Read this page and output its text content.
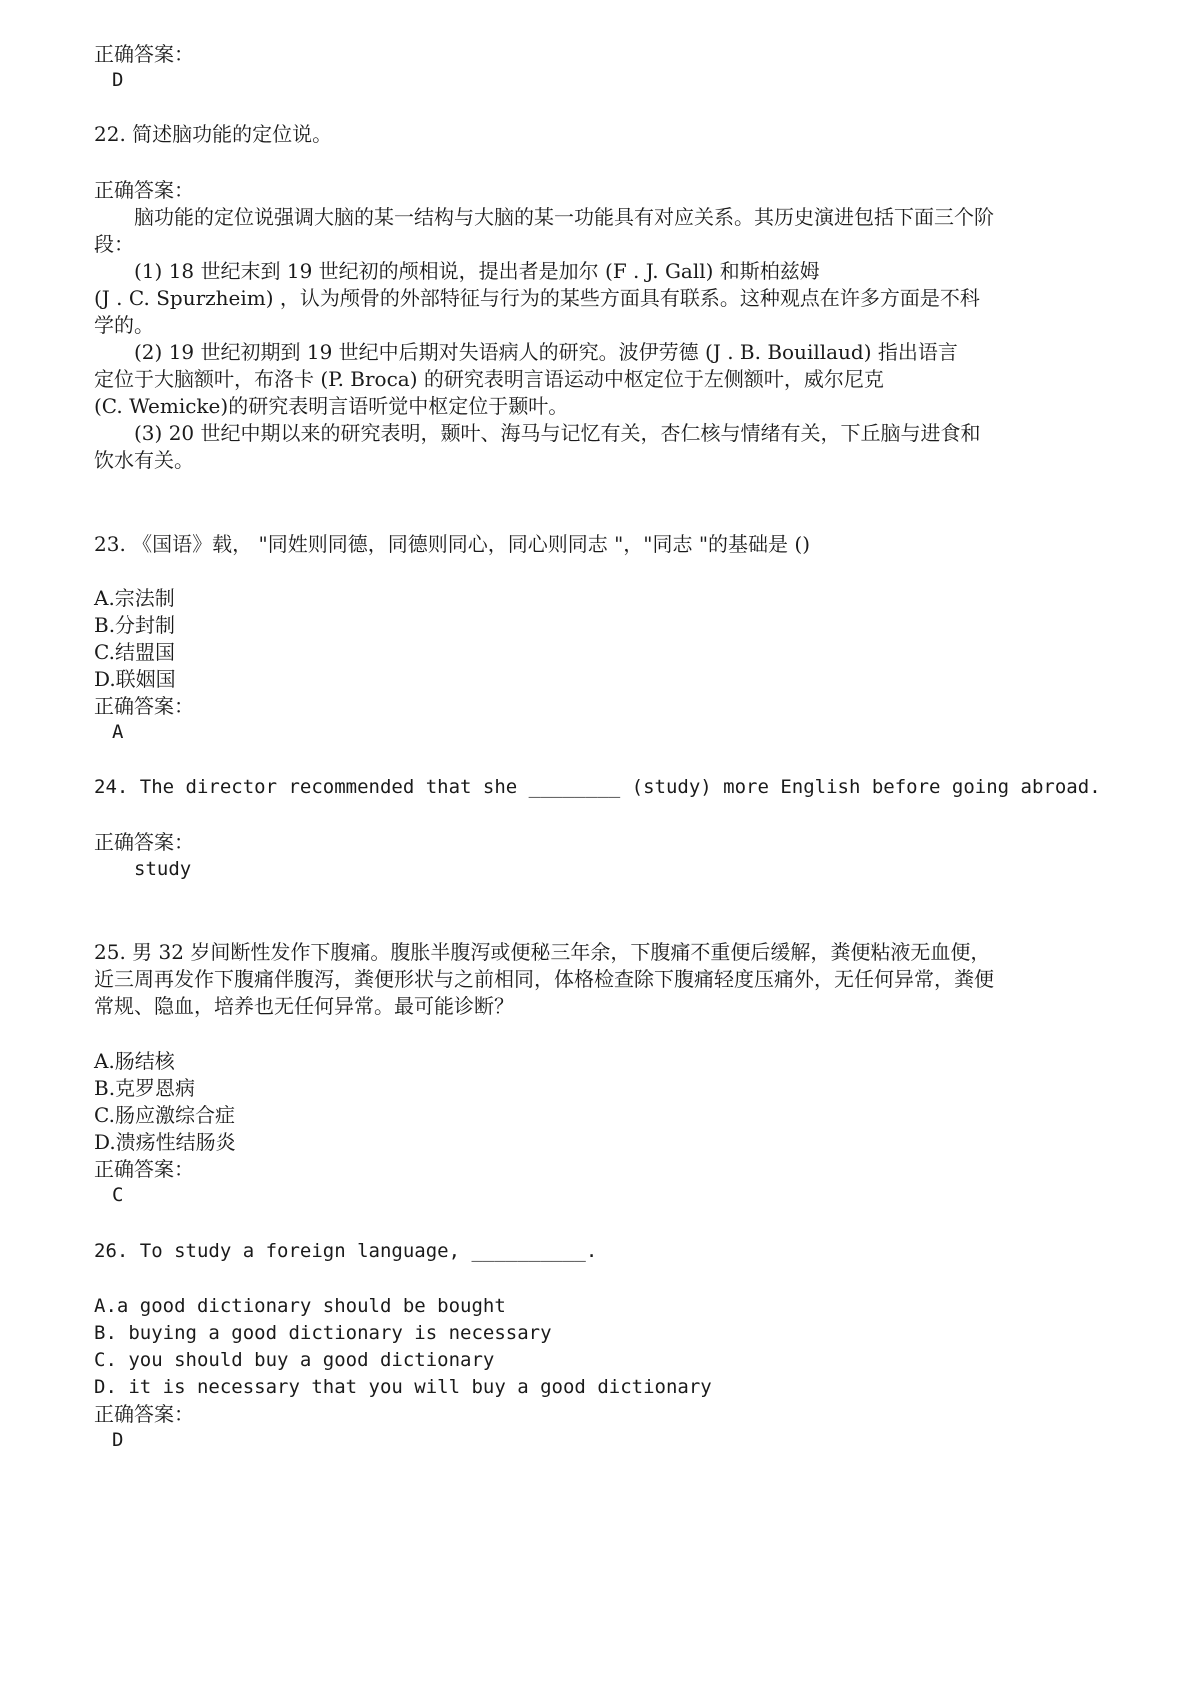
正确答案：
D
22. 简述脑功能的定位说。
正确答案：
脑功能的定位说强调大脑的某一结构与大脑的某一功能具有对应关系。其历史演进包括下面三个阶
段：
(1) 18 世纪末到 19 世纪初的颅相说，提出者是加尔 (F . J. Gall) 和斯柏兹姆
(J . C. Spurzheim) ，认为颅骨的外部特征与行为的某些方面具有联系。这种观点在许多方面是不科
学的。
(2) 19 世纪初期到 19 世纪中后期对失语病人的研究。波伊劳德 (J . B. Bouillaud) 指出语言
定位于大脑额叶，布洛卡 (P. Broca) 的研究表明言语运动中枢定位于左侧额叶，威尔尼克
(C. Wemicke)的研究表明言语听觉中枢定位于颞叶。
(3) 20 世纪中期以来的研究表明，颞叶、海马与记忆有关，杏仁核与情绪有关，下丘脑与进食和
饮水有关。
23. 《国语》载， "同姓则同德，同德则同心，同心则同志 "，"同志 "的基础是 ()
A.宗法制
B.分封制
C.结盟国
D.联姻国
正确答案：
A
24. The director recommended that she ________ (study) more English before going abroad.
正确答案：
study
25. 男 32 岁间断性发作下腹痛。腹胀半腹泻或便秘三年余，下腹痛不重便后缓解，粪便粘液无血便，
近三周再发作下腹痛伴腹泻，粪便形状与之前相同，体格检查除下腹痛轻度压痛外，无任何异常，粪便
常规、隐血，培养也无任何异常。最可能诊断？
A.肠结核
B.克罗恩病
C.肠应激综合症
D.溃疡性结肠炎
正确答案：
C
26. To study a foreign language, __________.
A.a good dictionary should be bought
B. buying a good dictionary is necessary
C. you should buy a good dictionary
D. it is necessary that you will buy a good dictionary
正确答案：
D
